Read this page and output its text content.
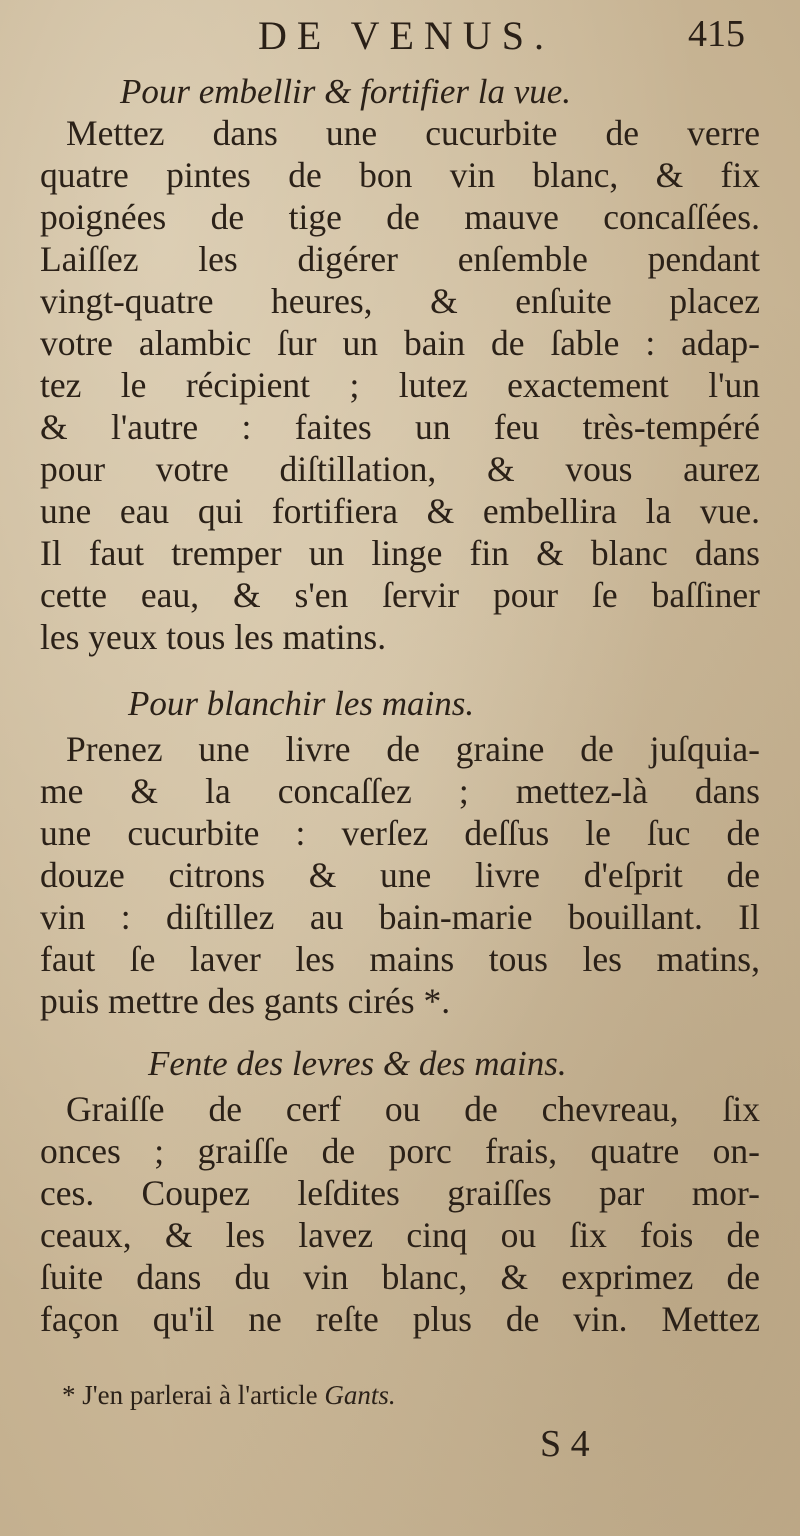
DE VENUS.	415
Pour embellir & fortifier la vue.
Mettez dans une cucurbite de verre
quatre pintes de bon vin blanc, & fix
poignées de tige de mauve concaſſées.
Laiſſez les digérer enſemble pendant
vingt-quatre heures, & enſuite placez
votre alambic ſur un bain de ſable : adap-
tez le récipient ; lutez exactement l'un
& l'autre : faites un feu très-tempéré
pour votre diſtillation, & vous aurez
une eau qui fortifiera & embellira la vue.
Il faut tremper un linge fin & blanc dans
cette eau, & s'en ſervir pour ſe baſſiner
les yeux tous les matins.
Pour blanchir les mains.
Prenez une livre de graine de juſquia-
me & la concaſſez ; mettez-là dans
une cucurbite : verſez deſſus le ſuc de
douze citrons & une livre d'eſprit de
vin : diſtillez au bain-marie bouillant. Il
faut ſe laver les mains tous les matins,
puis mettre des gants cirés *.
Fente des levres & des mains.
Graiſſe de cerf ou de chevreau, ſix
onces ; graiſſe de porc frais, quatre on-
ces. Coupez leſdites graiſſes par mor-
ceaux, & les lavez cinq ou ſix fois de
ſuite dans du vin blanc, & exprimez de
façon qu'il ne reſte plus de vin. Mettez
* J'en parlerai à l'article Gants.
S 4
